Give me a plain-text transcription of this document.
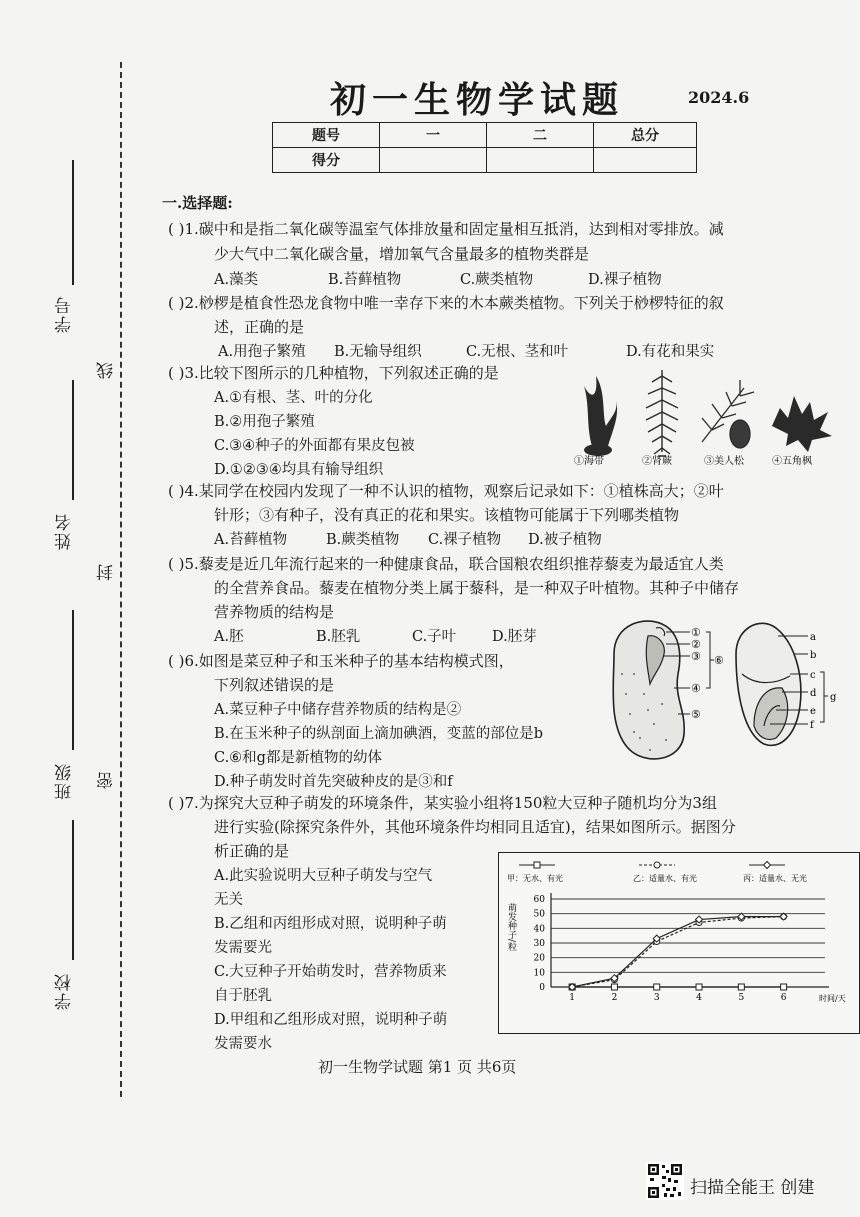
学号
姓名
班级
学校
线
封
密
初一生物学试题	2024.6
题号	一	二	总分
得分			
一.选择题:
( )1.碳中和是指二氧化碳等温室气体排放量和固定量相互抵消，达到相对零排放。减
少大气中二氧化碳含量，增加氧气含量最多的植物类群是
A.藻类	B.苔藓植物	C.蕨类植物	D.裸子植物
( )2.桫椤是植食性恐龙食物中唯一幸存下来的木本蕨类植物。下列关于桫椤特征的叙
述，正确的是
A.用孢子繁殖 B.无输导组织	C.无根、茎和叶	D.有花和果实
( )3.比较下图所示的几种植物，下列叙述正确的是
A.①有根、茎、叶的分化
B.②用孢子繁殖
C.③④种子的外面都有果皮包被
D.①②③④均具有输导组织
①海带	②肾蕨	③美人松	④五角枫
( )4.某同学在校园内发现了一种不认识的植物，观察后记录如下：①植株高大；②叶
针形；③有种子，没有真正的花和果实。该植物可能属于下列哪类植物
A.苔藓植物	B.蕨类植物 C.裸子植物 D.被子植物
( )5.藜麦是近几年流行起来的一种健康食品，联合国粮农组织推荐藜麦为最适宜人类
的全营养食品。藜麦在植物分类上属于藜科，是一种双子叶植物。其种子中储存
营养物质的结构是
A.胚	B.胚乳	C.子叶 D.胚芽
( )6.如图是菜豆种子和玉米种子的基本结构模式图，
下列叙述错误的是
A.菜豆种子中储存营养物质的结构是②
B.在玉米种子的纵剖面上滴加碘酒，变蓝的部位是b
C.⑥和g都是新植物的幼体
D.种子萌发时首先突破种皮的是③和f
①
②
③
④
⑤
⑥
a
b
c
d
e
f
g
( )7.为探究大豆种子萌发的环境条件，某实验小组将150粒大豆种子随机均分为3组
进行实验(除探究条件外，其他环境条件均相同且适宜)，结果如图所示。据图分
析正确的是
A.此实验说明大豆种子萌发与空气
无关
B.乙组和丙组形成对照，说明种子萌
发需要光
C.大豆种子开始萌发时，营养物质来
自于胚乳
D.甲组和乙组形成对照，说明种子萌
发需要水
0
10
20
30
40
50
60
1	2	3	4	5	6	时间/天
萌发种子/粒
甲：无水、有光	乙：适量水、有光	丙：适量水、无光
初一生物学试题 第1 页 共6页
扫描全能王 创建
